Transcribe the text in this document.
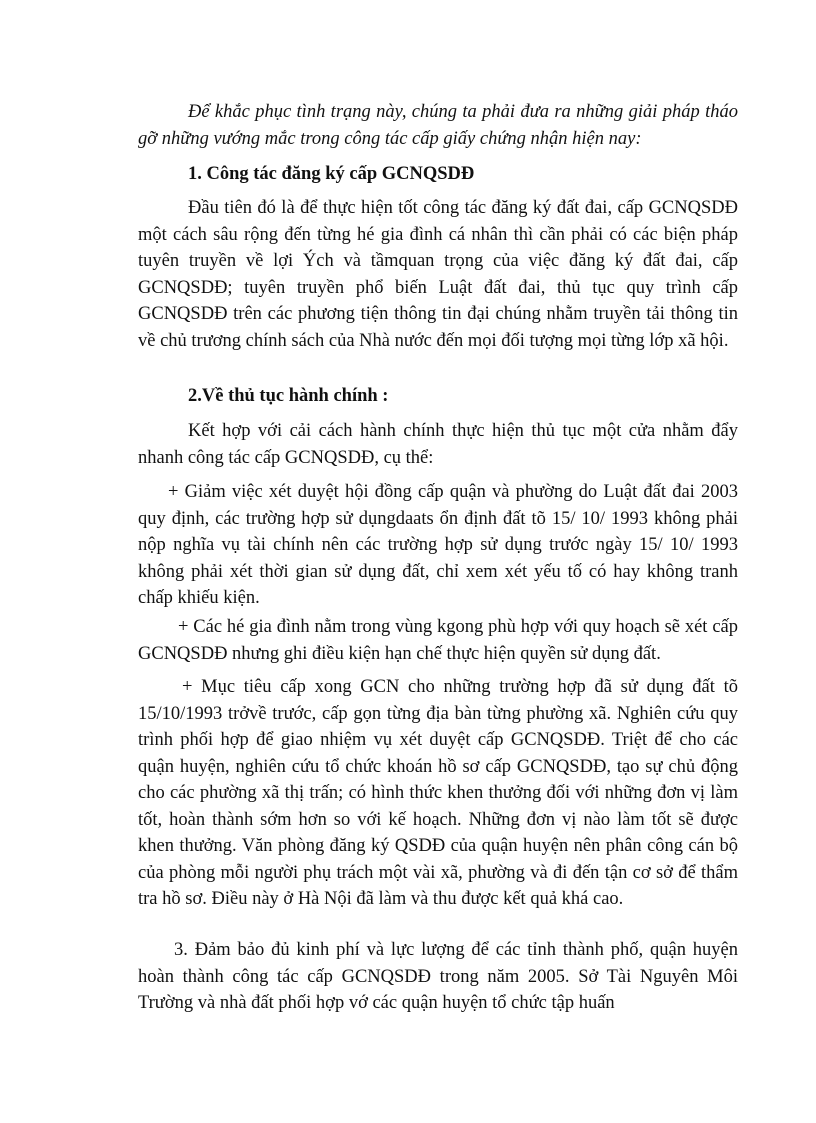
Để khắc phục tình trạng này, chúng ta phải đưa ra những giải pháp tháo gỡ những vướng mắc trong công tác cấp giấy chứng nhận hiện nay:

1. Công tác đăng ký cấp GCNQSDĐ

Đầu tiên đó là để thực hiện tốt công tác đăng ký đất đai, cấp GCNQSDĐ một cách sâu rộng đến từng hé gia đình cá nhân thì cần phải có các biện pháp tuyên truyền về lợi Ých và tầmquan trọng của việc đăng ký đất đai, cấp GCNQSDĐ; tuyên truyền phổ biến Luật đất đai, thủ tục quy trình cấp GCNQSDĐ trên các phương tiện thông tin đại chúng nhằm truyền tải thông tin về chủ trương chính sách của Nhà nước đến mọi đối tượng mọi từng lớp xã hội.

2.Về thủ tục hành chính :

Kết hợp với cải cách hành chính thực hiện thủ tục một cửa nhằm đẩy nhanh công tác cấp GCNQSDĐ, cụ thể:

+ Giảm việc xét duyệt hội đồng cấp quận và phường do Luật đất đai 2003 quy định, các trường hợp sử dụngdaats ổn định đất tõ 15/ 10/ 1993 không phải nộp nghĩa vụ tài chính nên các trường hợp sử dụng trước ngày 15/ 10/ 1993 không phải xét thời gian sử dụng đất, chỉ xem xét yếu tố có hay không tranh chấp khiếu kiện.

+ Các hé gia đình nằm trong vùng kgong phù hợp với quy hoạch sẽ xét cấp GCNQSDĐ nhưng ghi điều kiện hạn chế thực hiện quyền sử dụng đất.

+ Mục tiêu cấp xong GCN cho những trường hợp đã sử dụng đất tõ 15/10/1993 trởvề trước, cấp gọn từng địa bàn từng phường xã. Nghiên cứu quy trình phối hợp để giao nhiệm vụ xét duyệt cấp GCNQSDĐ. Triệt để cho các quận huyện, nghiên cứu tổ chức khoán hồ sơ cấp GCNQSDĐ, tạo sự chủ động cho các phường xã thị trấn; có hình thức khen thưởng đối với những đơn vị làm tốt, hoàn thành sớm hơn so với kế hoạch. Những đơn vị nào làm tốt sẽ được khen thưởng. Văn phòng đăng ký QSDĐ của quận huyện nên phân công cán bộ của phòng mỗi người phụ trách một vài xã, phường và đi đến tận cơ sở để thẩm tra hồ sơ. Điều này ở Hà Nội đã làm và thu được kết quả khá cao.

3. Đảm bảo đủ kinh phí và lực lượng để các tỉnh thành phố, quận huyện hoàn thành công tác cấp GCNQSDĐ trong năm 2005. Sở Tài Nguyên Môi Trường và nhà đất phối hợp vớ các quận huyện tổ chức tập huấn
